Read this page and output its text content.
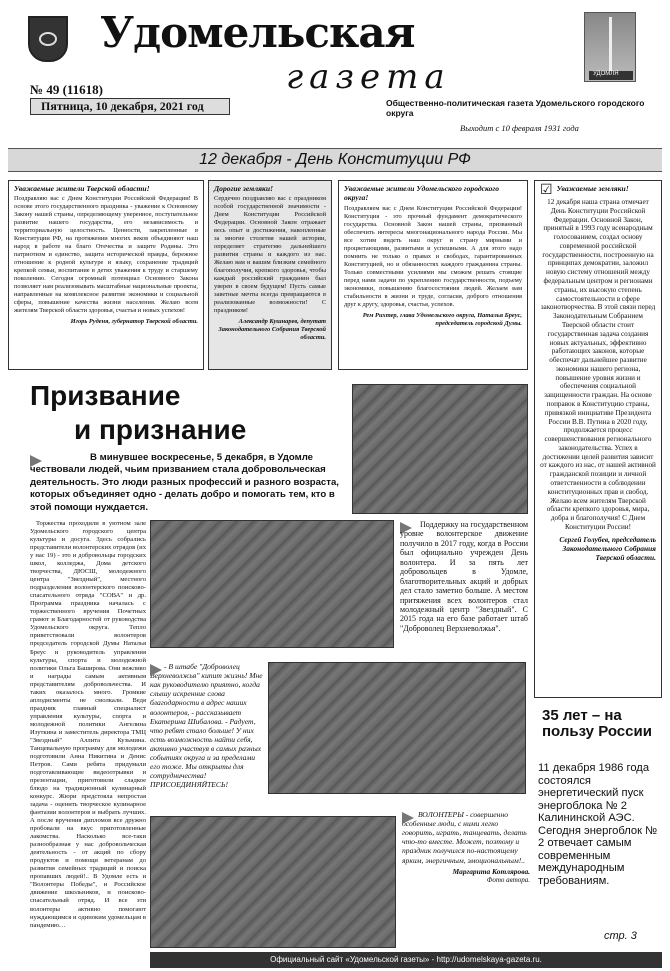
Удомельская
газета
№ 49 (11618)
Пятница, 10 декабря, 2021 год	Общественно-политическая газета Удомельского городского округа
Выходит с 10 февраля 1931 года
УДОМЛЯ
12 декабря - День Конституции РФ
Уважаемые жители Тверской области!

Поздравляю вас с Днем Конституции Российской Федерации! В основе этого государственного праздника - уважение к Основному Закону нашей страны, определяющему уверенное, поступательное развитие нашего государства, его независимость и территориальную целостность. Ценности, закрепленные в Конституции РФ, на протяжении многих веков объединяют наш народ в работе на благо Отечества и защите Родины. Это патриотизм и единство, защита исторической правды, бережное отношение к родной культуре и языку, сохранение традиций крепкой семьи, воспитание в детях уважения к труду и старшему поколению. Сегодня огромный потенциал Основного Закона позволяет нам реализовывать масштабные национальные проекты, направленные на комплексное развитие экономики и социальной сферы, повышение качества жизни населения. Желаю всем жителям Тверской области здоровья, счастья и новых успехов!

Игорь Руденя, губернатор Тверской области.
Дорогие земляки!

Сердечно поздравляю вас с праздником особой государственной значимости - Днем Конституции Российской Федерации. Основной Закон отражает весь опыт и достижения, накопленные за многие столетия нашей истории, определяет стратегию дальнейшего развития страны и каждого из нас. Желаю вам и вашим близким семейного благополучия, крепкого здоровья, чтобы каждый российский гражданин был уверен в своем будущем! Пусть самые заветные мечты всегда превращаются в реализованные возможности! С праздником!

Александр Кушнарев, депутат Законодательного Собрания Тверской области.
Уважаемые жители Удомельского городского округа!

Поздравляем вас с Днем Конституции Российской Федерации! Конституция - это прочный фундамент демократического государства. Основной Закон нашей страны, призванный обеспечить интересы многонационального народа России. Мы все хотим видеть наш округ и страну мирными и процветающими, развитыми и успешными. А для этого надо помнить не только о правах и свободах, гарантированных Конституцией, но и обязанностях каждого гражданина страны. Только совместными усилиями мы сможем решать стоящие перед нами задачи по укреплению государственности, подъему экономики, повышению благосостояния людей. Желаем вам стабильности в жизни и труде, согласия, доброго отношения друг к другу, здоровья, счастья, успехов.

Рем Рихтер, глава Удомельского округа, Наталья Бреус, председатель городской Думы.
☑ Уважаемые земляки!

12 декабря наша страна отмечает День Конституции Российской Федерации. Основной Закон, принятый в 1993 году всенародным голосованием, создал основу современной российской государственности, построенную на принципах демократии, заложил новую систему отношений между федеральным центром и регионами страны, их высокую степень самостоятельности в сфере законотворчества. В этой связи перед Законодательным Собранием Тверской области стоит государственная задача создания новых актуальных, эффективно работающих законов, которые обеспечат дальнейшее развитие экономики нашего региона, повышение уровня жизни и обеспечения социальной защищенности граждан. На основе поправок в Конституцию страны, привязкой инициативе Президента России В.В. Путина в 2020 году, продолжается процесс совершенствования регионального законодательства. Успех в достижении целей развития зависит от каждого из нас, от нашей активной гражданской позиции и личной ответственности в соблюдении конституционных прав и свобод. Желаю всем жителям Тверской области крепкого здоровья, мира, добра и благополучия! С Днем Конституции России!

Сергей Голубев, председатель Законодательного Собрания Тверской области.
Призвание
и признание
В минувшее воскресенье, 5 декабря, в Удомле чествовали людей, чьим призванием стала добровольческая деятельность. Это люди разных профессий и разного возраста, которых объединяет одно - делать добро и помогать тем, кто в этой помощи нуждается.

Торжества проходили в уютном зале Удомельского городского центра культуры и досуга. Здесь собрались представители волонтерских отрядов (их у нас 19) - это и добровольцы городских школ, колледжа, Дома детского творчества, ДЮСШ, молодежного центра "Звездный", местного подразделения волонтерского поисково-спасательного отряда "СОВА" и др. Программа праздника началась с торжественного вручения Почетных грамот и Благодарностей от руководства Удомельского округа. Тепло приветствовали волонтеров председатель городской Думы Наталья Бреус и руководитель управления культуры, спорта и молодежной политики Ольга Баширова. Они вежливо и награды самым активным представителям добровольчества. И таких оказалось много. Громкие аплодисменты не смолкали. Ведя праздник главный специалист управления культуры, спорта и молодежной политики Ангелина Изуткина и заместитель директора ТМЦ "Звездный" Аллита Кузьмина. Танцевальную программу для молодежи подготовили Анна Никитина и Денис Петров. Сами ребята придумали подготавливающие видеоотрывки и презентации, приготовили сладкое блюдо на традиционный кулинарный конкурс. Жюри предстояла непростая задача - оценить творческое кулинарное фантазии волонтеров и выбрать лучших. А после вручения дипломов все дружно пробовали на вкус приготовленные лакомства. Насколько все-таки разнообразная у нас добровольческая деятельность - от акций по сбору продуктов и помощи ветеранам до развития семейных традиций и поиска пропавших людей!.. В Удомле есть и "Волонтеры Победы", и Российское движение школьников, и поисково-спасательный отряд. И все эти волонтеры активно помогают нуждающимся и одиноким удомельцам в пандемию…

Поддержку на государственном уровне волонтерское движение получило в 2017 году, когда в России был официально учрежден День волонтера. И за пять лет добровольцев в Удомле, благотворительных акций и добрых дел стало заметно больше. А местом притяжения всех волонтеров стал молодежный центр "Звездный". С 2015 года на его базе работает штаб "Доброволец Верхневолжья".

- В штабе "Доброволец Верхневолжья" кипит жизнь! Мне как руководителю приятно, когда слышу искренние слова благодарности в адрес наших волонтеров, - рассказывает Екатерина Шибалова. - Радует, что ребят стало больше! У них есть возможность найти себя, активно участвуя в самых разных событиях округа и за пределами его тоже. Мы открыты для сотрудничества! ПРИСОЕДИНЯЙТЕСЬ!

ВОЛОНТЕРЫ - совершенно особенные люди, с ними легко говорить, играть, танцевать, делать что-то вместе. Может, поэтому и праздник получился по-настоящему ярким, энергичным, эмоциональным!..

Маргарита Котлярова.
Фото автора.
35 лет – на пользу России
11 декабря 1986 года состоялся энергетический пуск энергоблока № 2 Калининской АЭС. Сегодня энергоблок № 2 отвечает самым современным международным требованиям.
стр. 3
Официальный сайт «Удомельской газеты» - http://udomelskaya-gazeta.ru.
